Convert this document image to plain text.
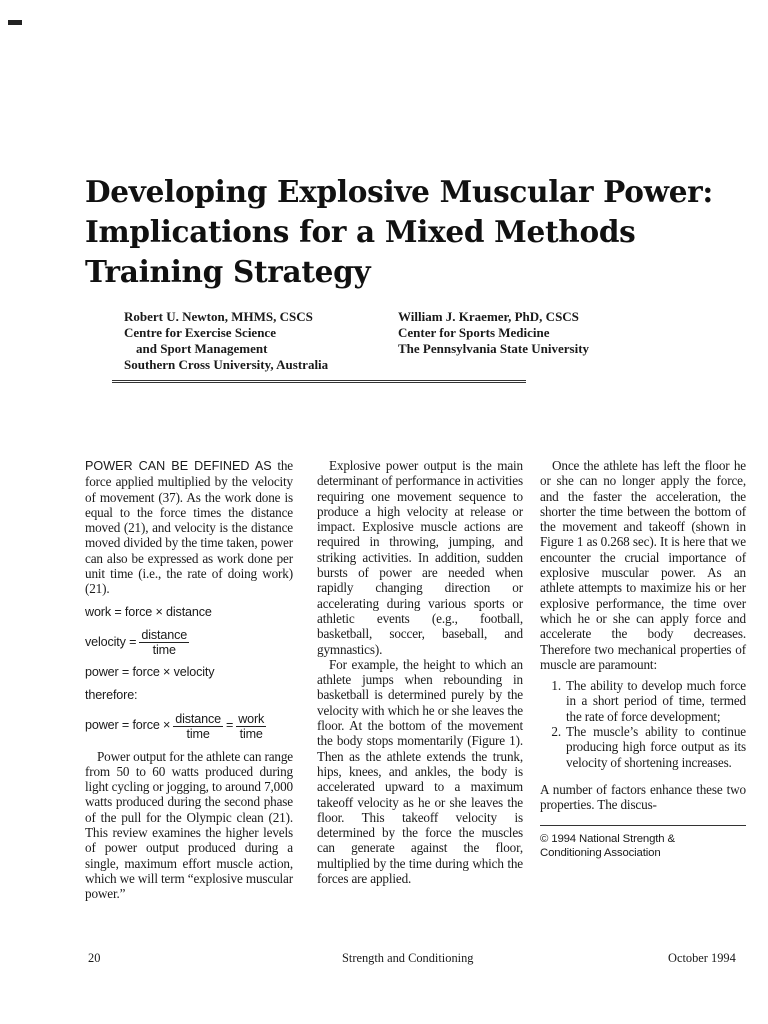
Developing Explosive Muscular Power:
Implications for a Mixed Methods
Training Strategy
Robert U. Newton, MHMS, CSCS
Centre for Exercise Science
and Sport Management
Southern Cross University, Australia
William J. Kraemer, PhD, CSCS
Center for Sports Medicine
The Pennsylvania State University

POWER CAN BE DEFINED AS the force applied multiplied by the velocity of movement (37). As the work done is equal to the force times the distance moved (21), and velocity is the distance moved divided by the time taken, power can also be expressed as work done per unit time (i.e., the rate of doing work) (21).

work = force × distance
velocity = $\frac{\text{distance}}{\text{time}}$
power = force × velocity
therefore:
power = force × $\frac{\text{distance}}{\text{time}} = \frac{\text{work}}{\text{time}}$

Power output for the athlete can range from 50 to 60 watts produced during light cycling or jogging, to around 7,000 watts produced during the second phase of the pull for the Olympic clean (21). This review examines the higher levels of power output produced during a single, maximum effort muscle action, which we will term “explosive muscular power.”

Explosive power output is the main determinant of performance in activities requiring one movement sequence to produce a high velocity at release or impact. Explosive muscle actions are required in throwing, jumping, and striking activities. In addition, sudden bursts of power are needed when rapidly changing direction or accelerating during various sports or athletic events (e.g., football, basketball, soccer, baseball, and gymnastics).

For example, the height to which an athlete jumps when rebounding in basketball is determined purely by the velocity with which he or she leaves the floor. At the bottom of the movement the body stops momentarily (Figure 1). Then as the athlete extends the trunk, hips, knees, and ankles, the body is accelerated upward to a maximum takeoff velocity as he or she leaves the floor. This takeoff velocity is determined by the force the muscles can generate against the floor, multiplied by the time during which the forces are applied.

Once the athlete has left the floor he or she can no longer apply the force, and the faster the acceleration, the shorter the time between the bottom of the movement and takeoff (shown in Figure 1 as 0.268 sec). It is here that we encounter the crucial importance of explosive muscular power. As an athlete attempts to maximize his or her explosive performance, the time over which he or she can apply force and accelerate the body decreases. Therefore two mechanical properties of muscle are paramount:

1. The ability to develop much force in a short period of time, termed the rate of force development;
2. The muscle’s ability to continue producing high force output as its velocity of shortening increases.

A number of factors enhance these two properties. The discus-

© 1994 National Strength &
Conditioning Association
20	Strength and Conditioning	October 1994
